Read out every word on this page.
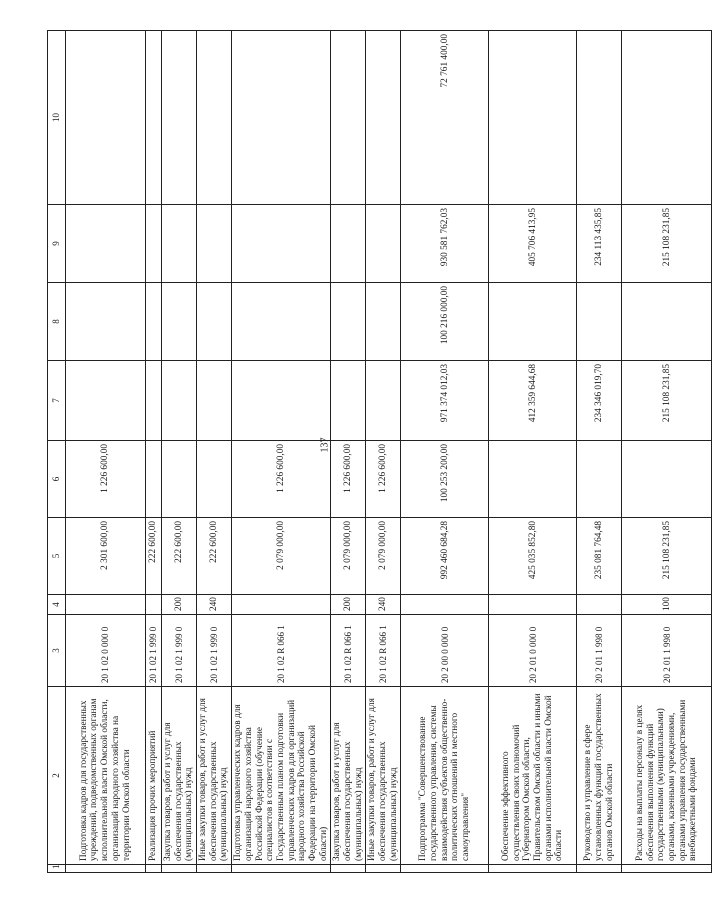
137
1	2	3	4	5	6	7	8	9	10
	Подготовка кадров для государственных учреждений, подведомственных органам исполнительной власти Омской области, организаций народного хозяйства на территории Омской области	20 1 02 0 000 0		2 301 600,00	1 226 600,00				
	Реализация прочих мероприятий	20 1 02 1 999 0		222 600,00					
	Закупка товаров, работ и услуг для обеспечения государственных (муниципальных) нужд	20 1 02 1 999 0	200	222 600,00					
	Иные закупки товаров, работ и услуг для обеспечения государственных (муниципальных) нужд	20 1 02 1 999 0	240	222 600,00					
	Подготовка управленческих кадров для организаций народного хозяйства Российской Федерации (обучение специалистов в соответствии с Государственным планом подготовки управленческих кадров для организаций народного хозяйства Российской Федерации на территории Омской области)	20 1 02 R 066 1		2 079 000,00	1 226 600,00				
	Закупка товаров, работ и услуг для обеспечения государственных (муниципальных) нужд	20 1 02 R 066 1	200	2 079 000,00	1 226 600,00				
	Иные закупки товаров, работ и услуг для обеспечения государственных (муниципальных) нужд	20 1 02 R 066 1	240	2 079 000,00	1 226 600,00				
	Подпрограмма "Совершенствование государственного управления, системы взаимодействия субъектов общественно-политических отношений и местного самоуправления"	20 2 00 0 000 0		992 460 684,28	100 253 200,00	971 374 012,03	100 216 000,00	930 581 762,03	72 761 400,00
	Обеспечение эффективного осуществления своих полномочий Губернатором Омской области, Правительством Омской области и иными органами исполнительной власти Омской области	20 2 01 0 000 0		425 035 852,80		412 359 644,68		405 706 413,95	
	Руководство и управление в сфере установленных функций государственных органов Омской области	20 2 01 1 998 0		235 081 764,48		234 346 019,70		234 113 435,85	
	Расходы на выплаты персоналу в целях обеспечения выполнения функций государственными (муниципальными) органами, казенными учреждениями, органами управления государственными внебюджетными фондами	20 2 01 1 998 0	100	215 108 231,85		215 108 231,85		215 108 231,85	
